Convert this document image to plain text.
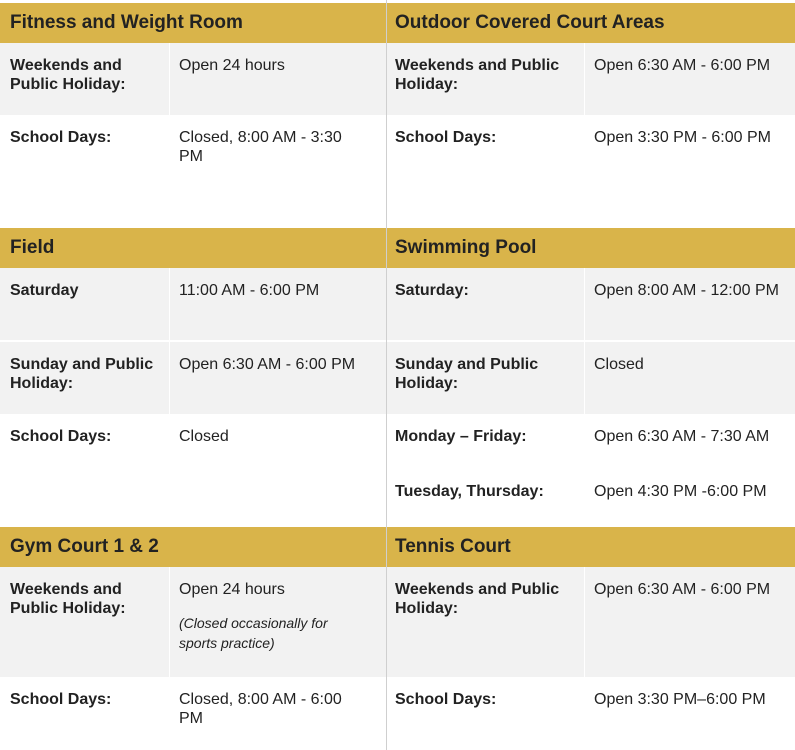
Fitness and Weight Room
Weekends and Public Holiday:
Open 24 hours
School Days:	Closed, 8:00 AM - 3:30 PM
Field
Saturday	11:00 AM - 6:00 PM
Sunday and Public Holiday:
Open 6:30 AM - 6:00 PM
School Days:	Closed
Gym Court 1 & 2
Weekends and Public Holiday:
Open 24 hours
(Closed occasionally for sports practice)
School Days:	Closed, 8:00 AM - 6:00 PM
Outdoor Covered Court Areas
Weekends and Public Holiday:
Open 6:30 AM - 6:00 PM
School Days:	Open 3:30 PM - 6:00 PM
Swimming Pool
Saturday:	Open 8:00 AM - 12:00 PM
Sunday and Public Holiday:
Closed
Monday – Friday:	Open 6:30 AM - 7:30 AM
Tuesday, Thursday:	Open 4:30 PM -6:00 PM
Tennis Court
Weekends and Public Holiday:
Open 6:30 AM - 6:00 PM
School Days:	Open 3:30 PM–6:00 PM
